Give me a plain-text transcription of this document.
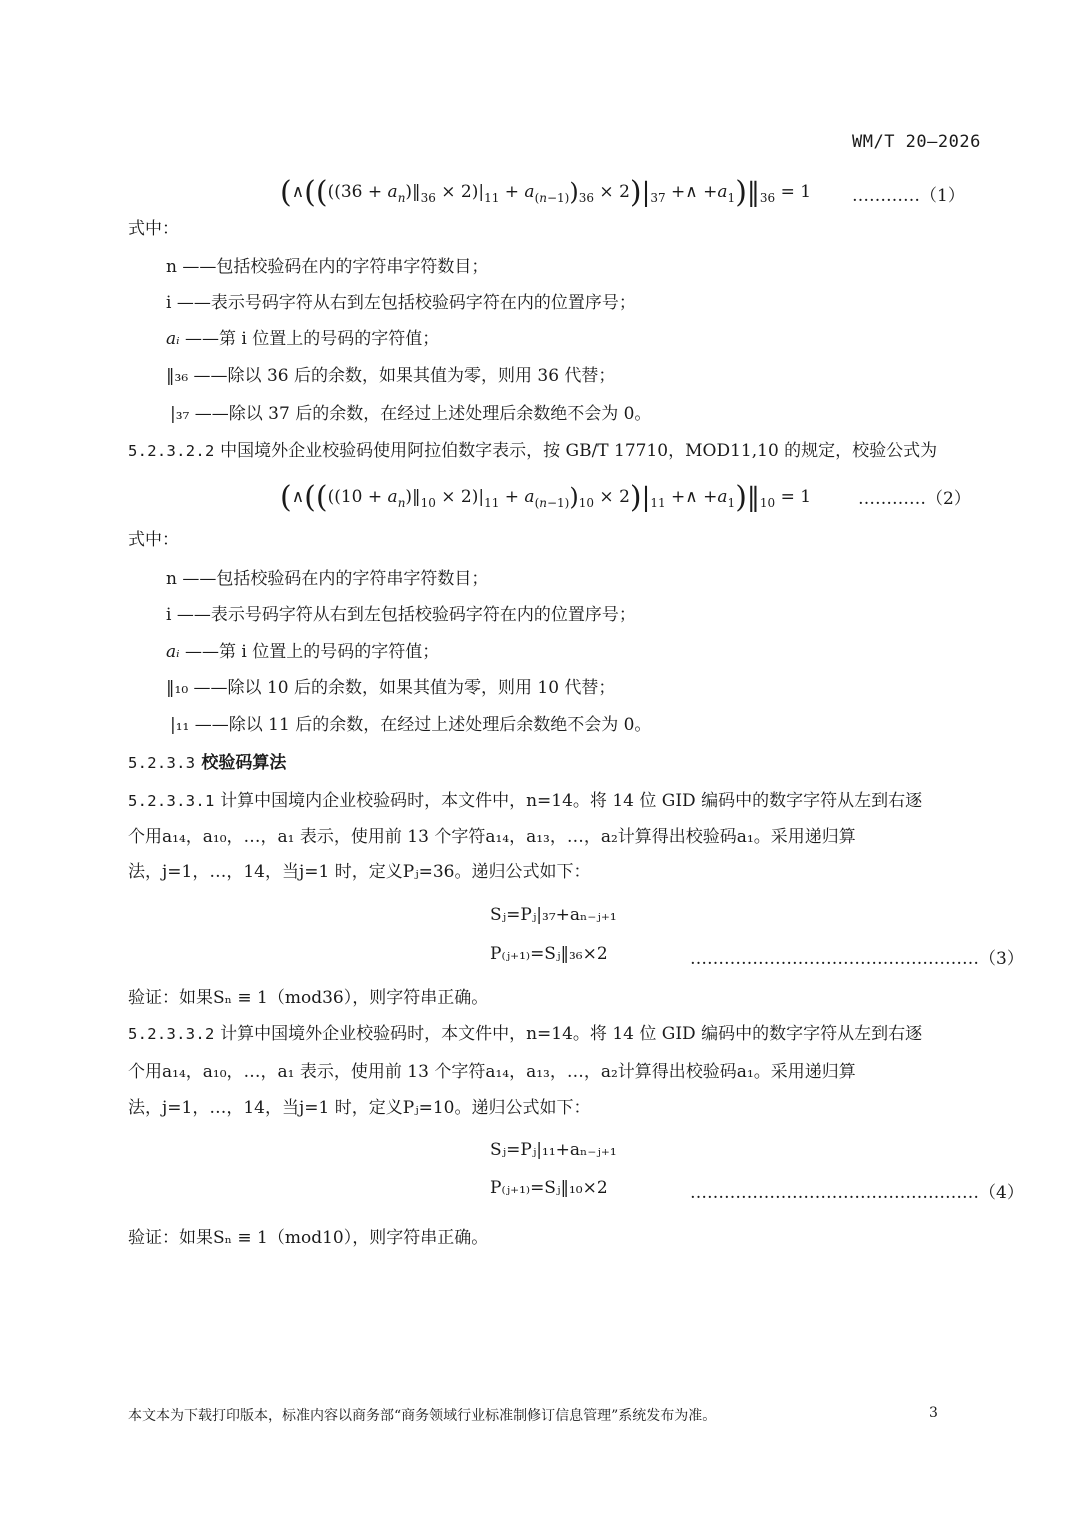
WM/T 20—2026
(∧((((36 + $a_n)‖_{36} \times 2)|_{11} + a_{(n-1)})_{36} \times 2)|_{37}$ +∧ $+a_1)‖_{36} = 1$ …………（1）
式中：
n ——包括校验码在内的字符串字符数目；
i ——表示号码字符从右到左包括校验码字符在内的位置序号；
aᵢ ——第 i 位置上的号码的字符值；
‖₃₆ ——除以 36 后的余数，如果其值为零，则用 36 代替；
|₃₇ ——除以 37 后的余数，在经过上述处理后余数绝不会为 0。
5.2.3.2.2 中国境外企业校验码使用阿拉伯数字表示，按 GB/T 17710，MOD11,10 的规定，校验公式为
(∧((((10 + $a_n)‖_{10} \times 2)|_{11} + a_{(n-1)})_{10} \times 2)|_{11}$ +∧ $+a_1)‖_{10} = 1$	…………（2）
式中：
n ——包括校验码在内的字符串字符数目；
i ——表示号码字符从右到左包括校验码字符在内的位置序号；
aᵢ ——第 i 位置上的号码的字符值；
‖₁₀ ——除以 10 后的余数，如果其值为零，则用 10 代替；
|₁₁ ——除以 11 后的余数，在经过上述处理后余数绝不会为 0。
5.2.3.3 校验码算法
5.2.3.3.1 计算中国境内企业校验码时，本文件中，n=14。将 14 位 GID 编码中的数字字符从左到右逐
个用a₁₄，a₁₀，…，a₁ 表示，使用前 13 个字符a₁₄，a₁₃，…，a₂计算得出校验码a₁。采用递归算
法，j=1，…，14，当j=1 时，定义Pⱼ=36。递归公式如下：
Sⱼ=Pⱼ|₃₇+aₙ₋ⱼ₊₁
P₍ⱼ₊₁₎=Sⱼ‖₃₆×2	……………………………………………（3）
验证：如果Sₙ ≡ 1（mod36），则字符串正确。
5.2.3.3.2 计算中国境外企业校验码时，本文件中，n=14。将 14 位 GID 编码中的数字字符从左到右逐
个用a₁₄，a₁₀，…，a₁ 表示，使用前 13 个字符a₁₄，a₁₃，…，a₂计算得出校验码a₁。采用递归算
法，j=1，…，14，当j=1 时，定义Pⱼ=10。递归公式如下：
Sⱼ=Pⱼ|₁₁+aₙ₋ⱼ₊₁
P₍ⱼ₊₁₎=Sⱼ‖₁₀×2	……………………………………………（4）
验证：如果Sₙ ≡ 1（mod10），则字符串正确。
本文本为下载打印版本，标准内容以商务部“商务领域行业标准制修订信息管理”系统发布为准。	3
